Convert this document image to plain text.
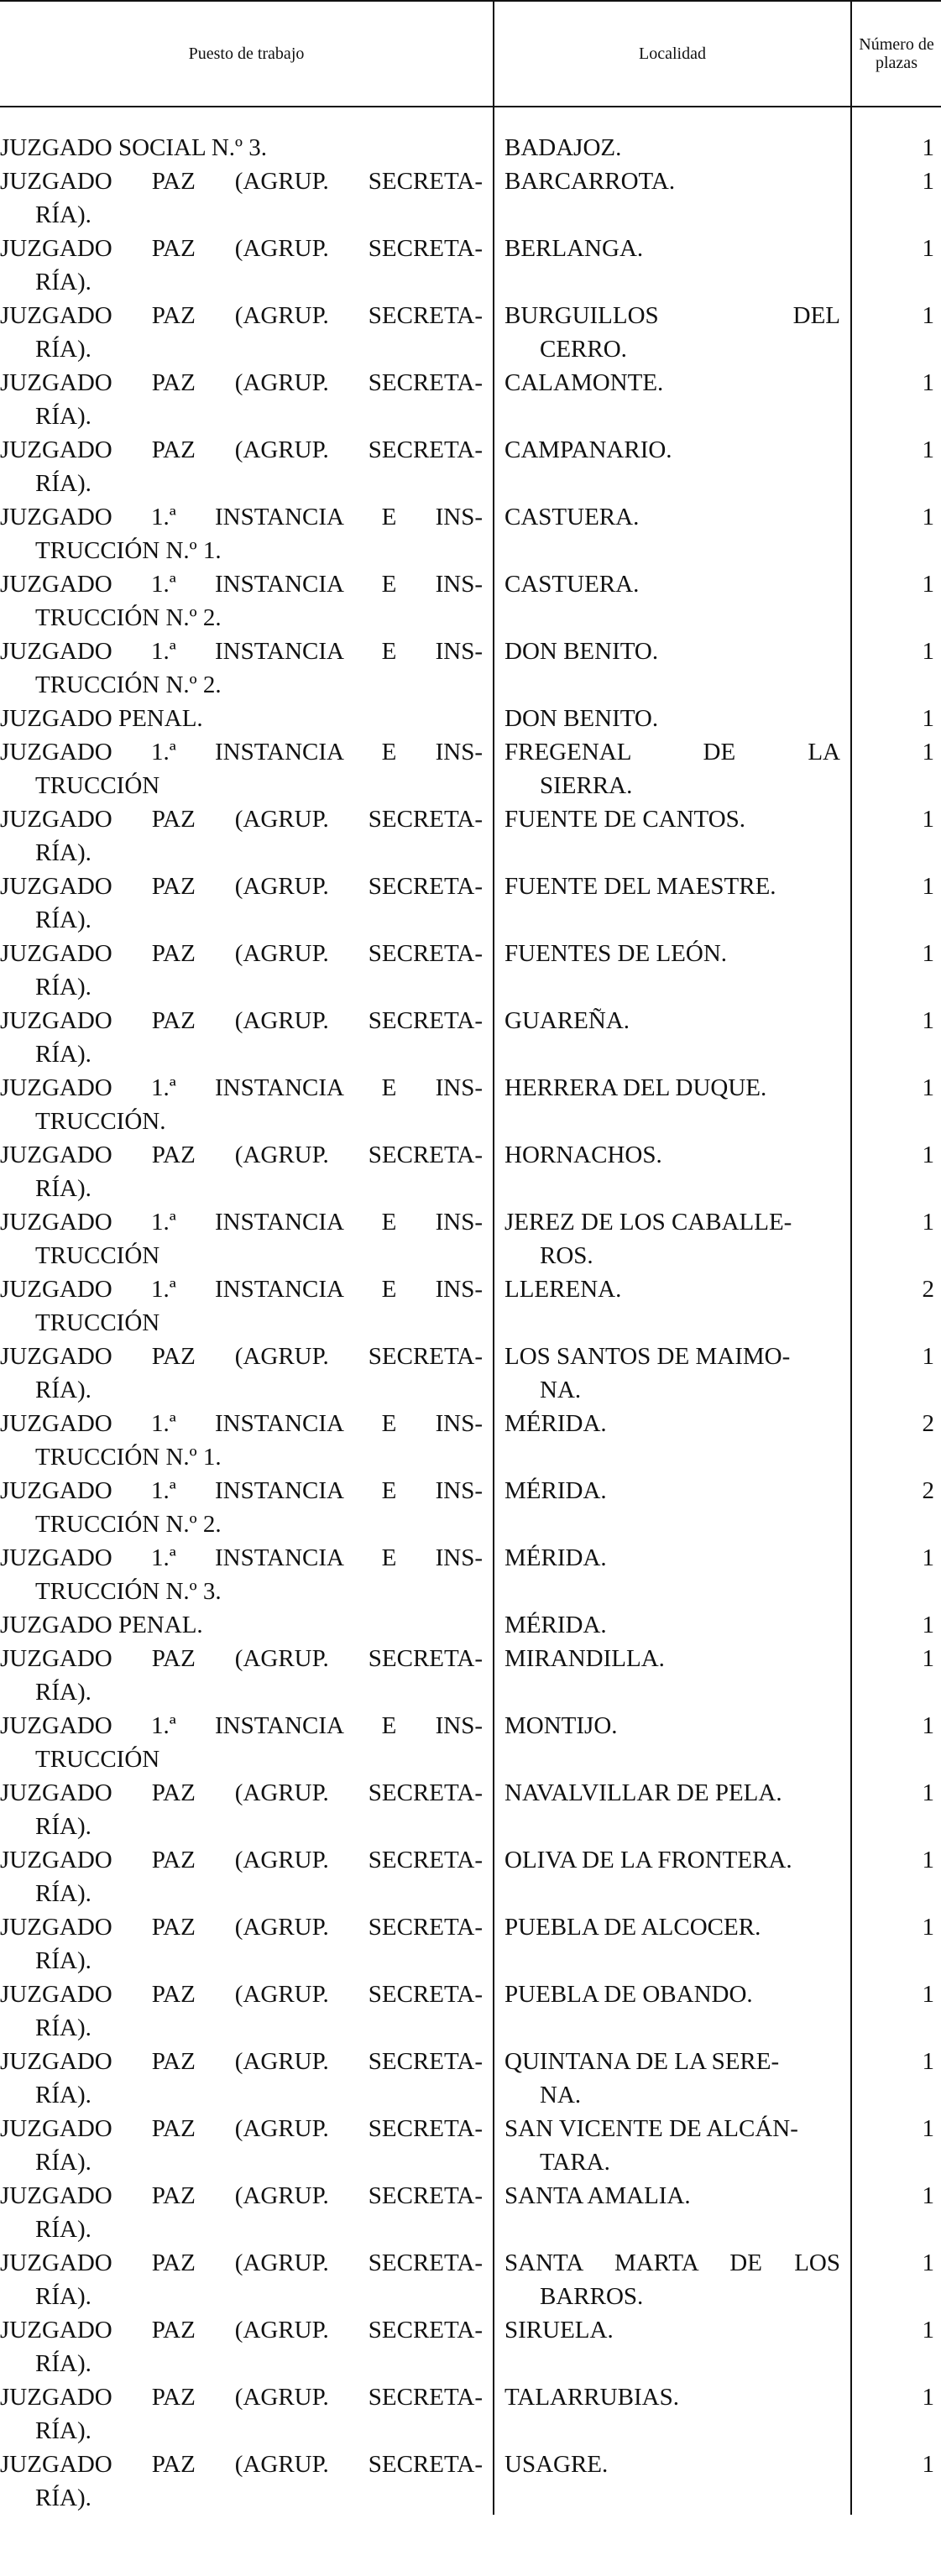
Puesto de trabajo	Localidad	Número de plazas

JUZGADO SOCIAL N.º 3.	BADAJOZ.	1

JUZGADO PAZ (AGRUP. SECRETA-
RÍA).	BARCARROTA.	1

JUZGADO PAZ (AGRUP. SECRETA-
RÍA).	BERLANGA.	1

JUZGADO PAZ (AGRUP. SECRETA-
RÍA).	BURGUILLOS DEL
CERRO.	1

JUZGADO PAZ (AGRUP. SECRETA-
RÍA).	CALAMONTE.	1

JUZGADO PAZ (AGRUP. SECRETA-
RÍA).	CAMPANARIO.	1

JUZGADO 1.ª INSTANCIA E INS-
TRUCCIÓN N.º 1.	CASTUERA.	1

JUZGADO 1.ª INSTANCIA E INS-
TRUCCIÓN N.º 2.	CASTUERA.	1

JUZGADO 1.ª INSTANCIA E INS-
TRUCCIÓN N.º 2.	DON BENITO.	1

JUZGADO PENAL.	DON BENITO.	1

JUZGADO 1.ª INSTANCIA E INS-
TRUCCIÓN	FREGENAL DE LA
SIERRA.	1

JUZGADO PAZ (AGRUP. SECRETA-
RÍA).	FUENTE DE CANTOS.	1

JUZGADO PAZ (AGRUP. SECRETA-
RÍA).	FUENTE DEL MAESTRE.	1

JUZGADO PAZ (AGRUP. SECRETA-
RÍA).	FUENTES DE LEÓN.	1

JUZGADO PAZ (AGRUP. SECRETA-
RÍA).	GUAREÑA.	1

JUZGADO 1.ª INSTANCIA E INS-
TRUCCIÓN.	HERRERA DEL DUQUE.	1

JUZGADO PAZ (AGRUP. SECRETA-
RÍA).	HORNACHOS.	1

JUZGADO 1.ª INSTANCIA E INS-
TRUCCIÓN	JEREZ DE LOS CABALLE-
ROS.	1

JUZGADO 1.ª INSTANCIA E INS-
TRUCCIÓN	LLERENA.	2

JUZGADO PAZ (AGRUP. SECRETA-
RÍA).	LOS SANTOS DE MAIMO-
NA.	1

JUZGADO 1.ª INSTANCIA E INS-
TRUCCIÓN N.º 1.	MÉRIDA.	2

JUZGADO 1.ª INSTANCIA E INS-
TRUCCIÓN N.º 2.	MÉRIDA.	2

JUZGADO 1.ª INSTANCIA E INS-
TRUCCIÓN N.º 3.	MÉRIDA.	1

JUZGADO PENAL.	MÉRIDA.	1

JUZGADO PAZ (AGRUP. SECRETA-
RÍA).	MIRANDILLA.	1

JUZGADO 1.ª INSTANCIA E INS-
TRUCCIÓN	MONTIJO.	1

JUZGADO PAZ (AGRUP. SECRETA-
RÍA).	NAVALVILLAR DE PELA.	1

JUZGADO PAZ (AGRUP. SECRETA-
RÍA).	OLIVA DE LA FRONTERA.	1

JUZGADO PAZ (AGRUP. SECRETA-
RÍA).	PUEBLA DE ALCOCER.	1

JUZGADO PAZ (AGRUP. SECRETA-
RÍA).	PUEBLA DE OBANDO.	1

JUZGADO PAZ (AGRUP. SECRETA-
RÍA).	QUINTANA DE LA SERE-
NA.	1

JUZGADO PAZ (AGRUP. SECRETA-
RÍA).	SAN VICENTE DE ALCÁN-
TARA.	1

JUZGADO PAZ (AGRUP. SECRETA-
RÍA).	SANTA AMALIA.	1

JUZGADO PAZ (AGRUP. SECRETA-
RÍA).	SANTA MARTA DE LOS
BARROS.	1

JUZGADO PAZ (AGRUP. SECRETA-
RÍA).	SIRUELA.	1

JUZGADO PAZ (AGRUP. SECRETA-
RÍA).	TALARRUBIAS.	1

JUZGADO PAZ (AGRUP. SECRETA-
RÍA).	USAGRE.	1
